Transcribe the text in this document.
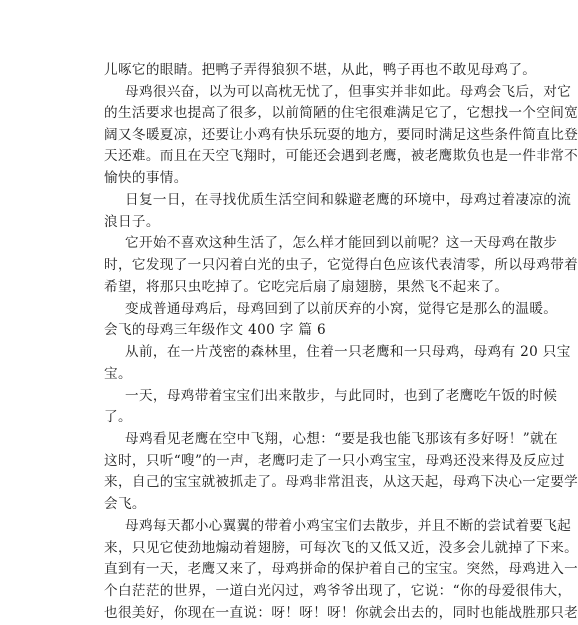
儿啄它的眼睛。把鸭子弄得狼狈不堪，从此，鸭子再也不敢见母鸡了。
母鸡很兴奋，以为可以高枕无忧了，但事实并非如此。母鸡会飞后，对它
的生活要求也提高了很多，以前简陋的住宅很难满足它了，它想找一个空间宽
阔又冬暖夏凉，还要让小鸡有快乐玩耍的地方，要同时满足这些条件简直比登
天还难。而且在天空飞翔时，可能还会遇到老鹰，被老鹰欺负也是一件非常不
愉快的事情。
日复一日，在寻找优质生活空间和躲避老鹰的环境中，母鸡过着凄凉的流
浪日子。
它开始不喜欢这种生活了，怎么样才能回到以前呢？这一天母鸡在散步
时，它发现了一只闪着白光的虫子，它觉得白色应该代表清零，所以母鸡带着
希望，将那只虫吃掉了。它吃完后扇了扇翅膀，果然飞不起来了。
变成普通母鸡后，母鸡回到了以前厌弃的小窝，觉得它是那么的温暖。
会飞的母鸡三年级作文 400 字 篇 6
从前，在一片茂密的森林里，住着一只老鹰和一只母鸡，母鸡有 20 只宝
宝。
一天，母鸡带着宝宝们出来散步，与此同时，也到了老鹰吃午饭的时候
了。
母鸡看见老鹰在空中飞翔，心想：“要是我也能飞那该有多好呀！”就在
这时，只听“嗖”的一声，老鹰叼走了一只小鸡宝宝，母鸡还没来得及反应过
来，自己的宝宝就被抓走了。母鸡非常沮丧，从这天起，母鸡下决心一定要学
会飞。
母鸡每天都小心翼翼的带着小鸡宝宝们去散步，并且不断的尝试着要飞起
来，只见它使劲地煽动着翅膀，可每次飞的又低又近，没多会儿就掉了下来。
直到有一天，老鹰又来了，母鸡拼命的保护着自己的宝宝。突然，母鸡进入一
个白茫茫的世界，一道白光闪过，鸡爷爷出现了，它说：“你的母爱很伟大，
也很美好，你现在一直说：呀！呀！呀！你就会出去的，同时也能战胜那只老
